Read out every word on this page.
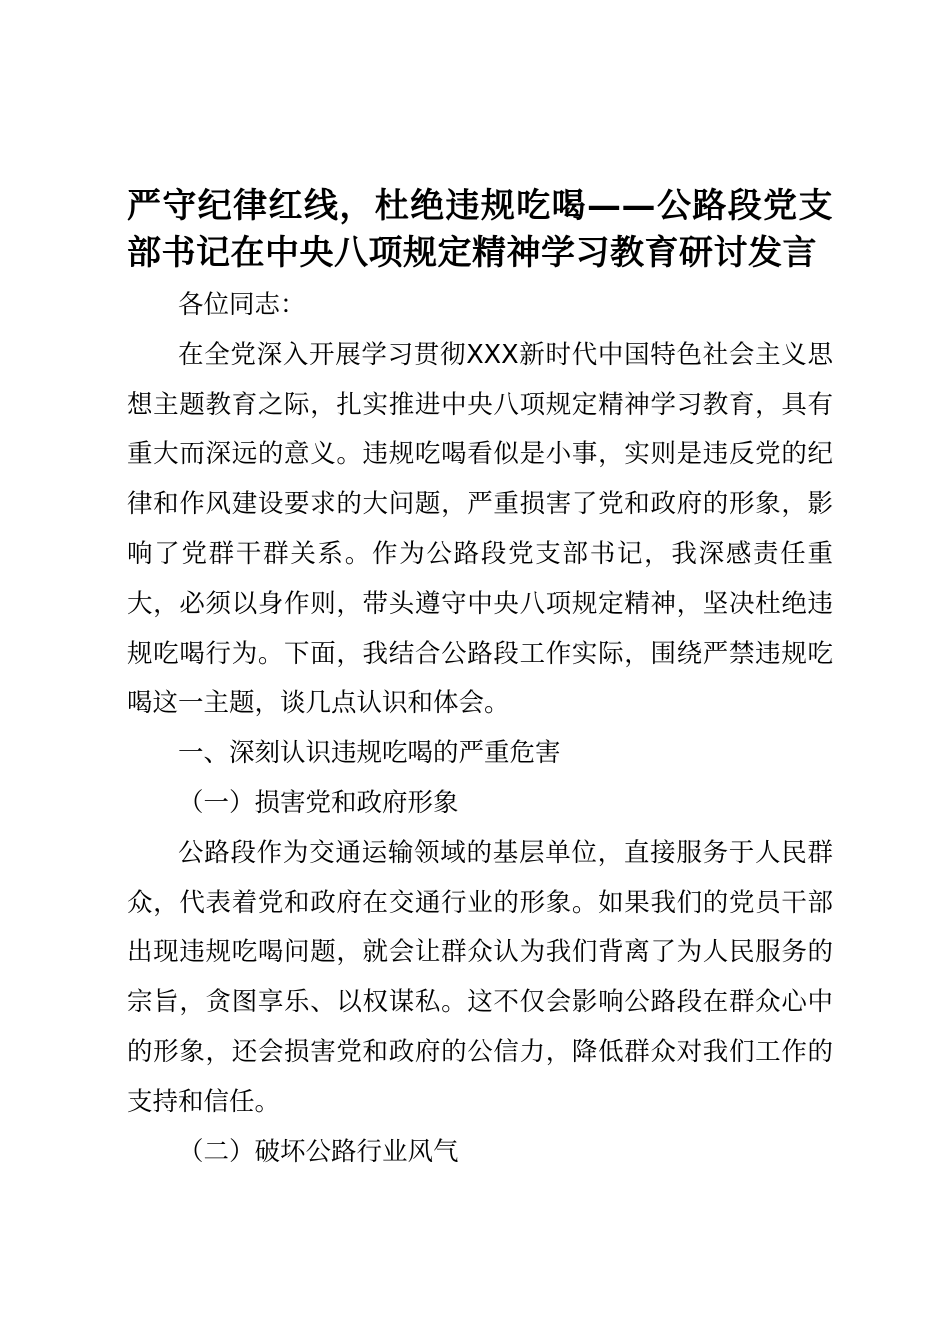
严守纪律红线，杜绝违规吃喝——公路段党支部书记在中央八项规定精神学习教育研讨发言

各位同志：

在全党深入开展学习贯彻XXX新时代中国特色社会主义思想主题教育之际，扎实推进中央八项规定精神学习教育，具有重大而深远的意义。违规吃喝看似是小事，实则是违反党的纪律和作风建设要求的大问题，严重损害了党和政府的形象，影响了党群干群关系。作为公路段党支部书记，我深感责任重大，必须以身作则，带头遵守中央八项规定精神，坚决杜绝违规吃喝行为。下面，我结合公路段工作实际，围绕严禁违规吃喝这一主题，谈几点认识和体会。

一、深刻认识违规吃喝的严重危害

（一）损害党和政府形象

公路段作为交通运输领域的基层单位，直接服务于人民群众，代表着党和政府在交通行业的形象。如果我们的党员干部出现违规吃喝问题，就会让群众认为我们背离了为人民服务的宗旨，贪图享乐、以权谋私。这不仅会影响公路段在群众心中的形象，还会损害党和政府的公信力，降低群众对我们工作的支持和信任。

（二）破坏公路行业风气
